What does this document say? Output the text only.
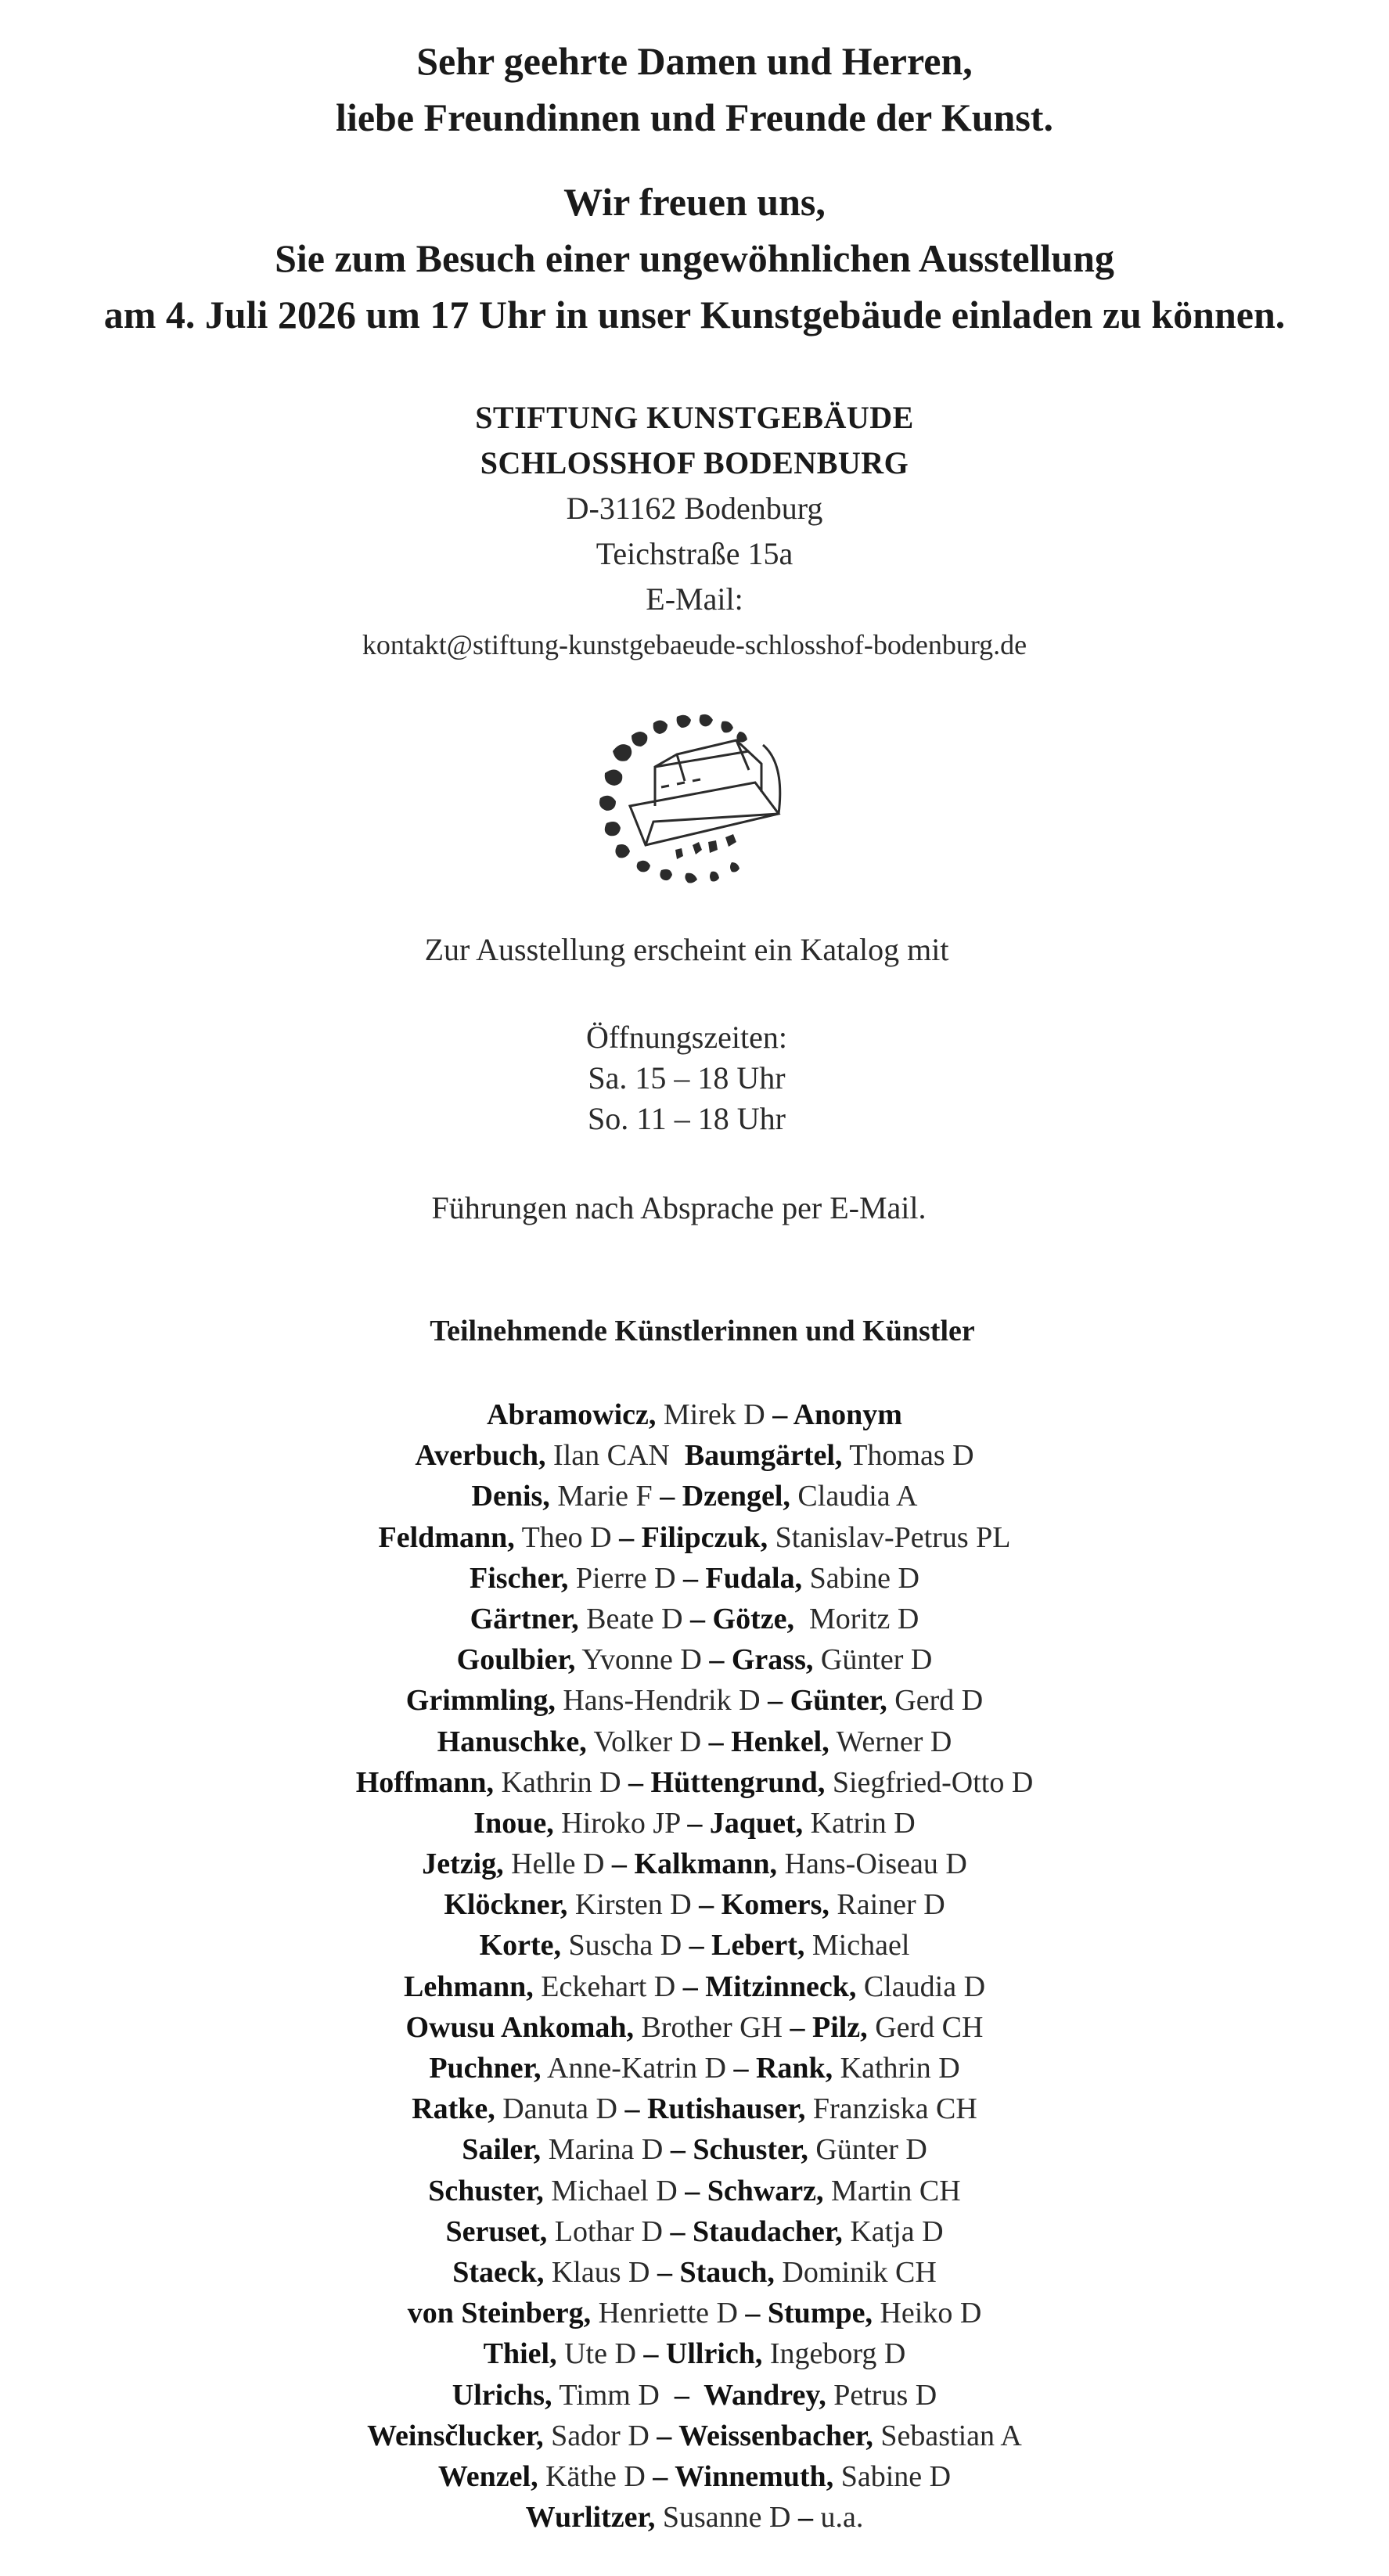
Sehr geehrte Damen und Herren,
liebe Freundinnen und Freunde der Kunst.
Wir freuen uns,
Sie zum Besuch einer ungewöhnlichen Ausstellung
am 4. Juli 2026 um 17 Uhr in unser Kunstgebäude einladen zu können.
STIFTUNG KUNSTGEBÄUDE
SCHLOSSHOF BODENBURG
D-31162 Bodenburg
Teichstraße 15a
E-Mail:
kontakt@stiftung-kunstgebaeude-schlosshof-bodenburg.de
Zur Ausstellung erscheint ein Katalog mit
Öffnungszeiten:
Sa. 15 – 18 Uhr
So. 11 – 18 Uhr
Führungen nach Absprache per E-Mail.
Teilnehmende Künstlerinnen und Künstler
Abramowicz, Mirek D – Anonym
Averbuch, Ilan CAN  Baumgärtel, Thomas D
Denis, Marie F – Dzengel, Claudia A
Feldmann, Theo D – Filipczuk, Stanislav-Petrus PL
Fischer, Pierre D – Fudala, Sabine D
Gärtner, Beate D – Götze,  Moritz D
Goulbier, Yvonne D – Grass, Günter D
Grimmling, Hans-Hendrik D – Günter, Gerd D
Hanuschke, Volker D – Henkel, Werner D
Hoffmann, Kathrin D – Hüttengrund, Siegfried-Otto D
Inoue, Hiroko JP – Jaquet, Katrin D
Jetzig, Helle D – Kalkmann, Hans-Oiseau D
Klöckner, Kirsten D – Komers, Rainer D
Korte, Suscha D – Lebert, Michael
Lehmann, Eckehart D – Mitzinneck, Claudia D
Owusu Ankomah, Brother GH – Pilz, Gerd CH
Puchner, Anne-Katrin D – Rank, Kathrin D
Ratke, Danuta D – Rutishauser, Franziska CH
Sailer, Marina D – Schuster, Günter D
Schuster, Michael D – Schwarz, Martin CH
Seruset, Lothar D – Staudacher, Katja D
Staeck, Klaus D – Stauch, Dominik CH
von Steinberg, Henriette D – Stumpe, Heiko D
Thiel, Ute D – Ullrich, Ingeborg D
Ulrichs, Timm D  –  Wandrey, Petrus D
Weinsčlucker, Sador D – Weissenbacher, Sebastian A
Wenzel, Käthe D – Winnemuth, Sabine D
Wurlitzer, Susanne D – u.a.
